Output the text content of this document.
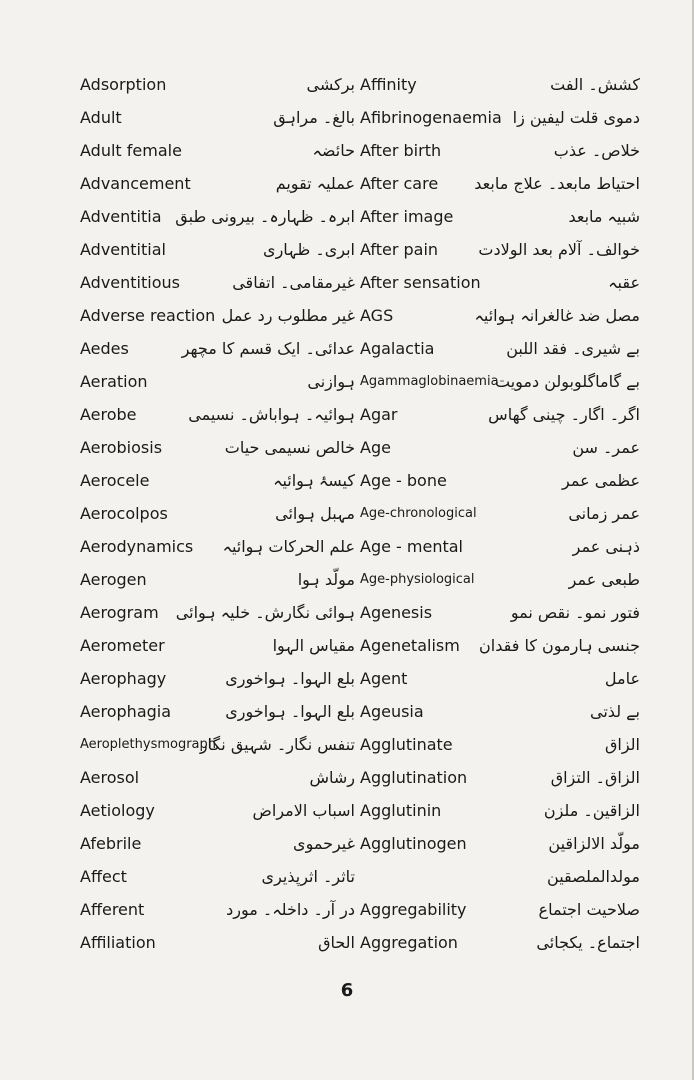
Adsorption
Adult
Adult female
Advancement
Adventitia
Adventitial
Adventitious
Adverse reaction
Aedes
Aeration
Aerobe
Aerobiosis
Aerocele
Aerocolpos
Aerodynamics
Aerogen
Aerogram
Aerometer
Aerophagy
Aerophagia
Aeroplethysmograph
Aerosol
Aetiology
Afebrile
Affect
Afferent
Affiliation
برکشی
بالغ۔ مراہق
حائضہ
عملیہ تقویم
ابرہ۔ ظہارہ۔ بیرونی طبق
ابری۔ ظہاری
غیرمقامی۔ اتفاقی
غیر مطلوب رد عمل
عدائی۔ ایک قسم کا مچھر
ہوازنی
ہوائیہ۔ ہواباش۔ نسیمی
خالص نسیمی حیات
کیسۂ ہوائیہ
مہبل ہوائی
علم الحرکات ہوائیہ
مولّد ہوا
ہوائی نگارش۔ خلیہ ہوائی
مقیاس الہوا
بلع الہوا۔ ہواخوری
بلع الہوا۔ ہواخوری
تنفس نگار۔ شہیق نگار
رشاش
اسباب الامراض
غیرحموی
تاثر۔ اثرپذیری
در آر۔ داخلہ۔ مورد
الحاق
Affinity
Afibrinogenaemia
After birth
After care
After image
After pain
After sensation
AGS
Agalactia
Agammaglobinaemia
Agar
Age
Age - bone
Age-chronological
Age - mental
Age-physiological
Agenesis
Agenetalism
Agent
Ageusia
Agglutinate
Agglutination
Agglutinin
Agglutinogen
Aggregability
Aggregation
کشش۔ الفت
دموی قلت لیفین زا
خلاص۔ عذب
احتیاط مابعد۔ علاج مابعد
شبیہ مابعد
خوالف۔ آلام بعد الولادت
عقبہ
مصل ضد غالغرانہ ہوائیہ
بے شیری۔ فقد اللبن
بے گاماگلوبولن دمویت
اگر۔ اگار۔ چینی گھاس
عمر۔ سن
عظمی عمر
عمر زمانی
ذہنی عمر
طبعی عمر
فتور نمو۔ نقص نمو
جنسی ہارمون کا فقدان
عامل
بے لذتی
الزاق
الزاق۔ التزاق
الزاقین۔ ملزن
مولّد الالزاقین
مولدالملصقین
صلاحیت اجتماع
اجتماع۔ یکجائی
6
